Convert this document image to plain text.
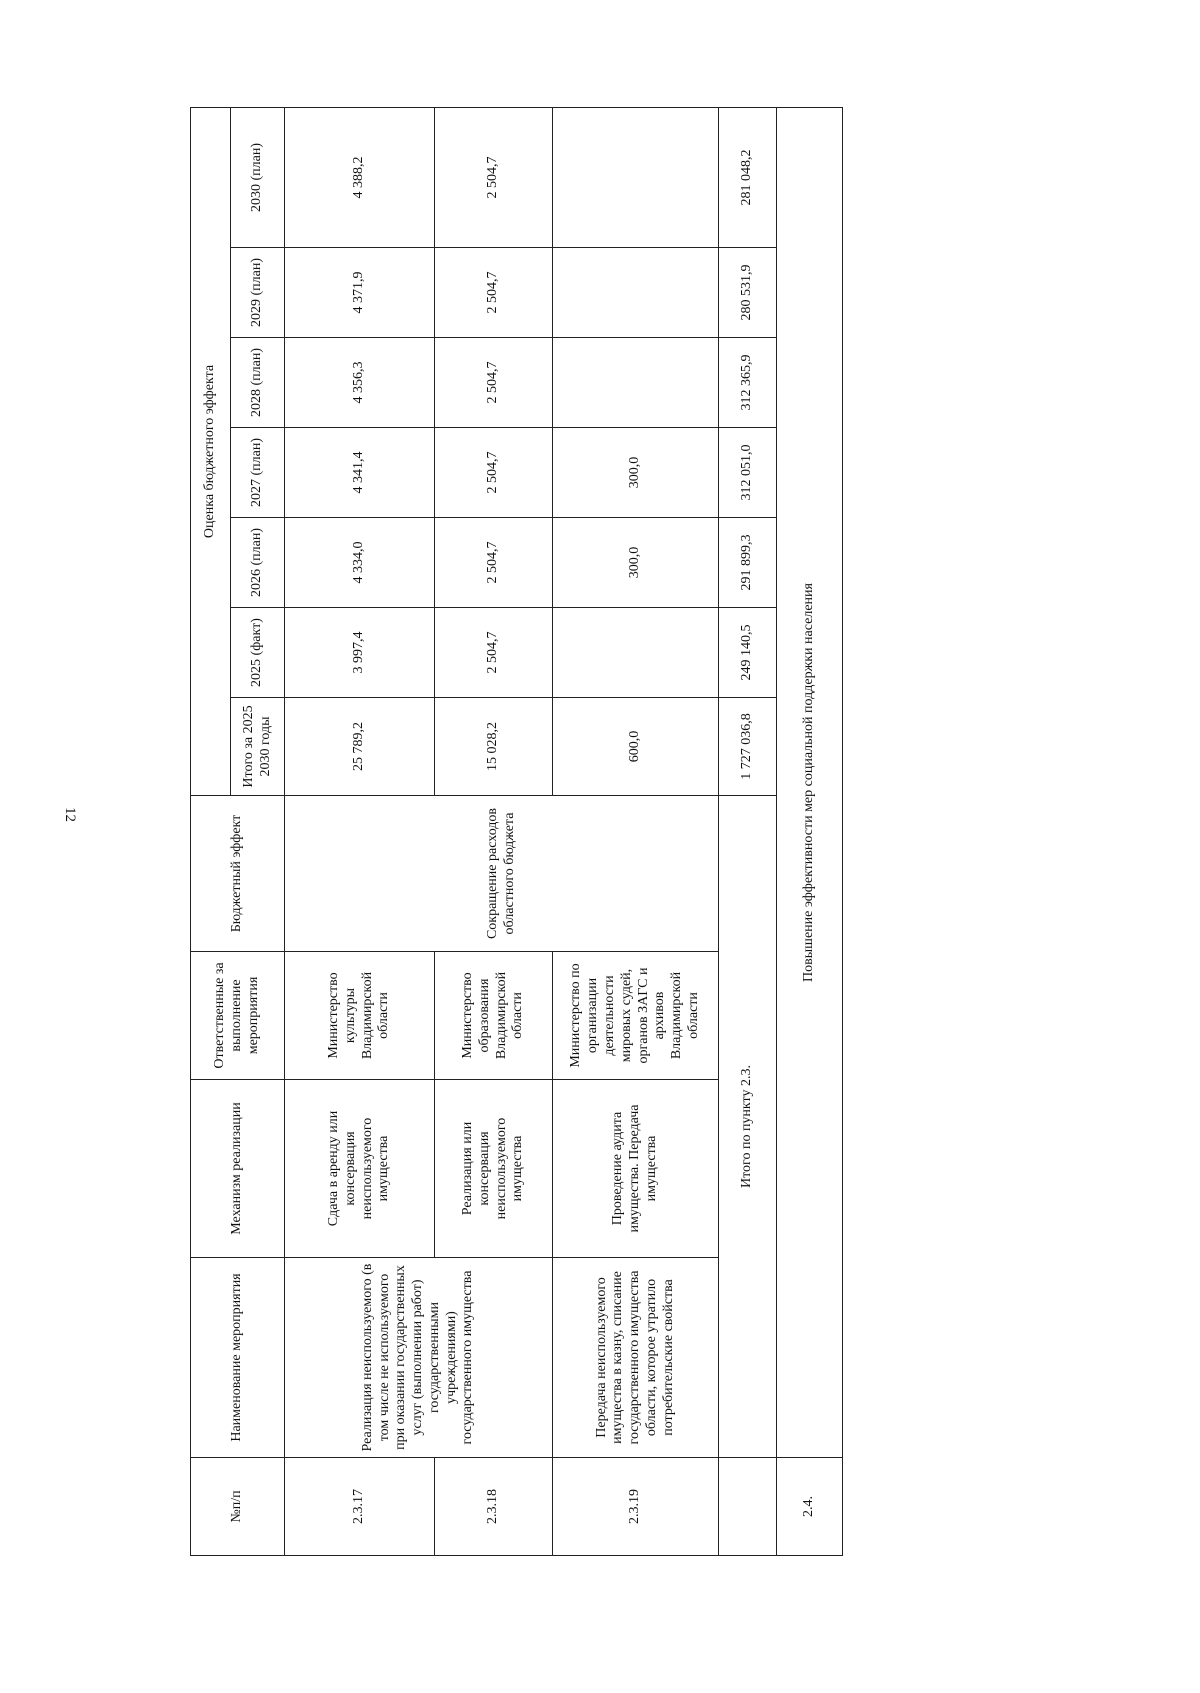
12
№п/п	Наименование мероприятия	Механизм реализации	Ответственные за выполнение мероприятия	Бюджетный эффект	Оценка бюджетного эффекта						
					Итого за 2025 2030 годы	2025 (факт)	2026 (план)	2027 (план)	2028 (план)	2029 (план)	2030 (план)
2.3.17	Реализация неиспользуемого (в том числе не используемого при оказании государственных услуг (выполнении работ) государственными учреждениями) государственного имущества	Сдача в аренду или консервация неиспользуемого имущества	Министерство культуры Владимирской области	Сокращение расходов областного бюджета	25 789,2	3 997,4	4 334,0	4 341,4	4 356,3	4 371,9	4 388,2
2.3.18		Реализация или консервация неиспользуемого имущества	Министерство образования Владимирской области		15 028,2	2 504,7	2 504,7	2 504,7	2 504,7	2 504,7	2 504,7
2.3.19	Передача неиспользуемого имущества в казну, списание государственного имущества области, которое утратило потребительские свойства	Проведение аудита имущества. Передача имущества	Министерство по организации деятельности мировых судей, органов ЗАГС и архивов Владимирской области		600,0		300,0	300,0			
	Итого по пункту 2.3.				1 727 036,8	249 140,5	291 899,3	312 051,0	312 365,9	280 531,9	281 048,2
2.4.	Повышение эффективности мер социальной поддержки населения										
